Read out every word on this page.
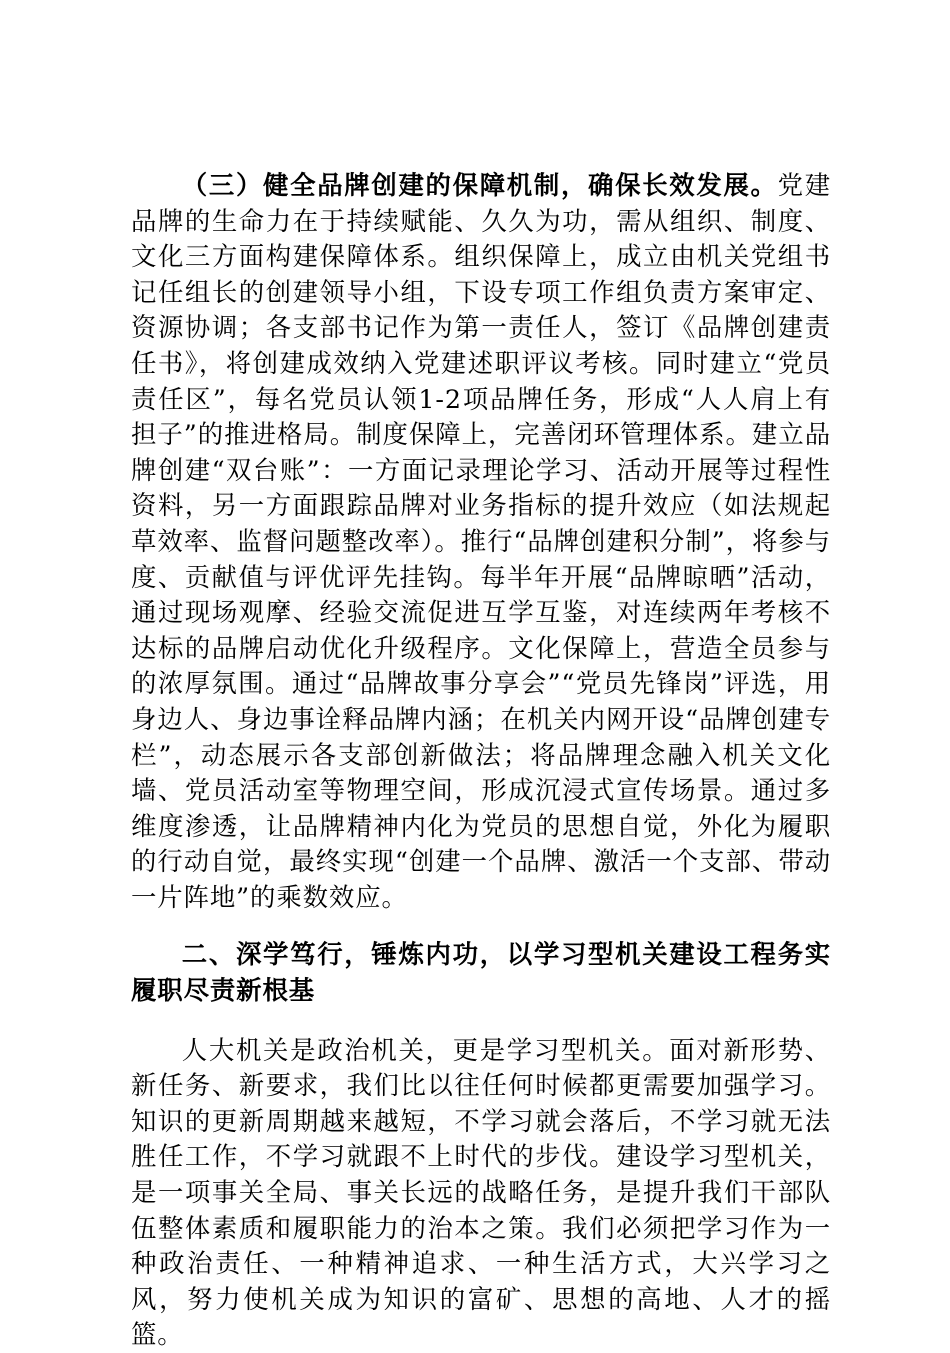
（三）健全品牌创建的保障机制，确保长效发展。党建品牌的生命力在于持续赋能、久久为功，需从组织、制度、文化三方面构建保障体系。组织保障上，成立由机关党组书记任组长的创建领导小组，下设专项工作组负责方案审定、资源协调；各支部书记作为第一责任人，签订《品牌创建责任书》，将创建成效纳入党建述职评议考核。同时建立“党员责任区”，每名党员认领1-2项品牌任务，形成“人人肩上有担子”的推进格局。制度保障上，完善闭环管理体系。建立品牌创建“双台账”：一方面记录理论学习、活动开展等过程性资料，另一方面跟踪品牌对业务指标的提升效应（如法规起草效率、监督问题整改率）。推行“品牌创建积分制”，将参与度、贡献值与评优评先挂钩。每半年开展“品牌晾晒”活动，通过现场观摩、经验交流促进互学互鉴，对连续两年考核不达标的品牌启动优化升级程序。文化保障上，营造全员参与的浓厚氛围。通过“品牌故事分享会”“党员先锋岗”评选，用身边人、身边事诠释品牌内涵；在机关内网开设“品牌创建专栏”，动态展示各支部创新做法；将品牌理念融入机关文化墙、党员活动室等物理空间，形成沉浸式宣传场景。通过多维度渗透，让品牌精神内化为党员的思想自觉，外化为履职的行动自觉，最终实现“创建一个品牌、激活一个支部、带动一片阵地”的乘数效应。

二、深学笃行，锤炼内功，以学习型机关建设工程务实履职尽责新根基

人大机关是政治机关，更是学习型机关。面对新形势、新任务、新要求，我们比以往任何时候都更需要加强学习。知识的更新周期越来越短，不学习就会落后，不学习就无法胜任工作，不学习就跟不上时代的步伐。建设学习型机关，是一项事关全局、事关长远的战略任务，是提升我们干部队伍整体素质和履职能力的治本之策。我们必须把学习作为一种政治责任、一种精神追求、一种生活方式，大兴学习之风，努力使机关成为知识的富矿、思想的高地、人才的摇篮。
